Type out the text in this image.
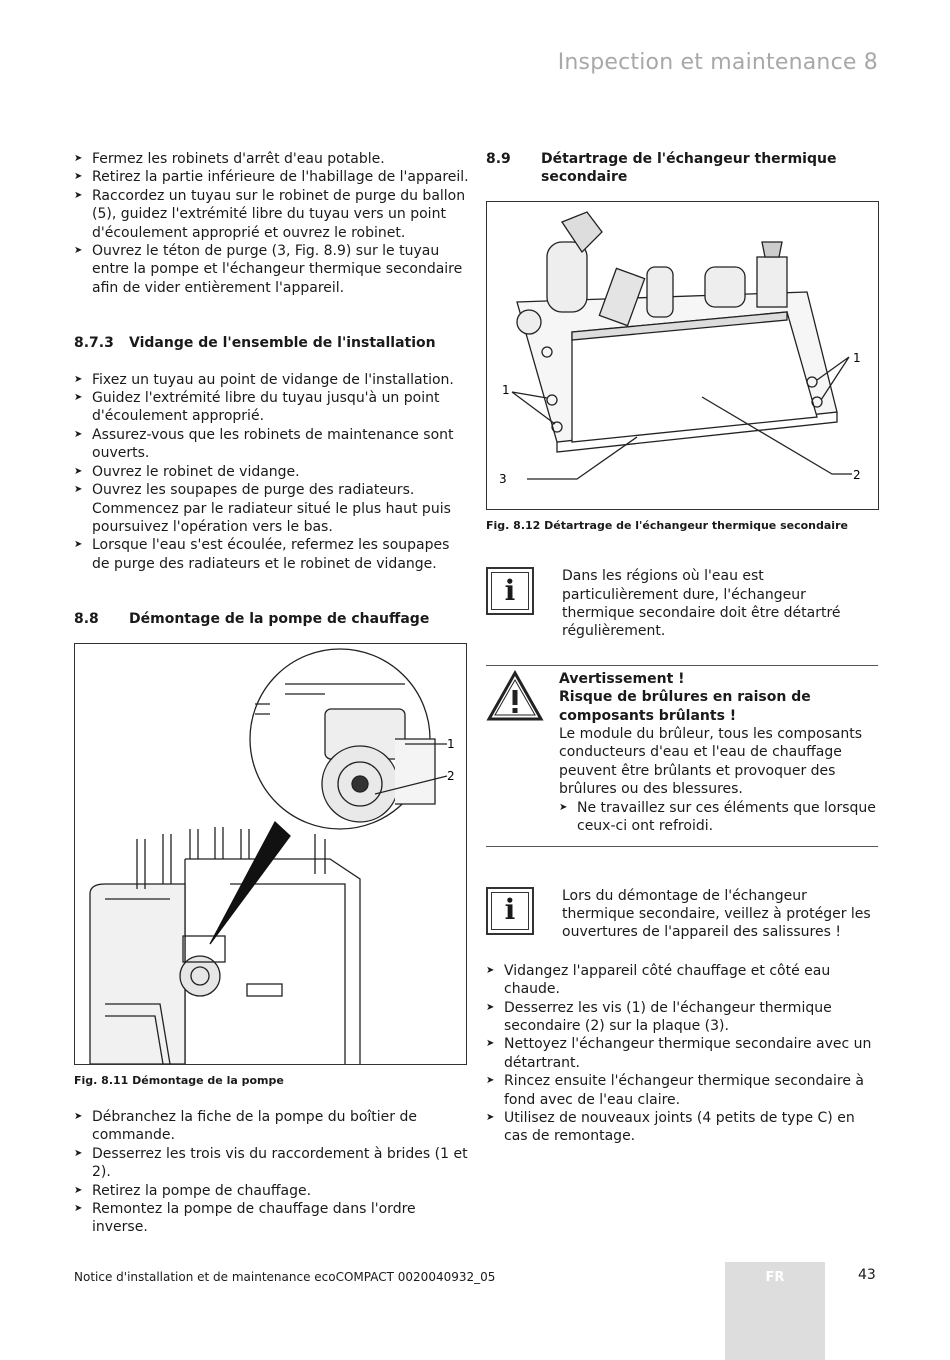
Inspection et maintenance 8
➤ Fermez les robinets d'arrêt d'eau potable.
➤ Retirez la partie inférieure de l'habillage de l'appareil.
➤ Raccordez un tuyau sur le robinet de purge du ballon (5), guidez l'extrémité libre du tuyau vers un point d'écoulement approprié et ouvrez le robinet.
➤ Ouvrez le téton de purge (3, Fig. 8.9) sur le tuyau entre la pompe et l'échangeur thermique secondaire afin de vider entièrement l'appareil.
8.7.3	Vidange de l'ensemble de l'installation
➤ Fixez un tuyau au point de vidange de l'installation.
➤ Guidez l'extrémité libre du tuyau jusqu'à un point d'écoulement approprié.
➤ Assurez-vous que les robinets de maintenance sont ouverts.
➤ Ouvrez le robinet de vidange.
➤ Ouvrez les soupapes de purge des radiateurs. Commencez par le radiateur situé le plus haut puis poursuivez l'opération vers le bas.
➤ Lorsque l'eau s'est écoulée, refermez les soupapes de purge des radiateurs et le robinet de vidange.
8.8	Démontage de la pompe de chauffage
1
2
Fig. 8.11 Démontage de la pompe
➤ Débranchez la fiche de la pompe du boîtier de commande.
➤ Desserrez les trois vis du raccordement à brides (1 et 2).
➤ Retirez la pompe de chauffage.
➤ Remontez la pompe de chauffage dans l'ordre inverse.
8.9	Détartrage de l'échangeur thermique secondaire
1
1
2
3
Fig. 8.12 Détartrage de l'échangeur thermique secondaire
i	Dans les régions où l'eau est particulièrement dure, l'échangeur thermique secondaire doit être détartré régulièrement.
Avertissement !
Risque de brûlures en raison de composants brûlants !
Le module du brûleur, tous les composants conducteurs d'eau et l'eau de chauffage peuvent être brûlants et provoquer des brûlures ou des blessures.
➤ Ne travaillez sur ces éléments que lorsque ceux-ci ont refroidi.
i	Lors du démontage de l'échangeur thermique secondaire, veillez à protéger les ouvertures de l'appareil des salissures !
➤ Vidangez l'appareil côté chauffage et côté eau chaude.
➤ Desserrez les vis (1) de l'échangeur thermique secondaire (2) sur la plaque (3).
➤ Nettoyez l'échangeur thermique secondaire avec un détartrant.
➤ Rincez ensuite l'échangeur thermique secondaire à fond avec de l'eau claire.
➤ Utilisez de nouveaux joints (4 petits de type C) en cas de remontage.
Notice d'installation et de maintenance ecoCOMPACT 0020040932_05	FR	43
